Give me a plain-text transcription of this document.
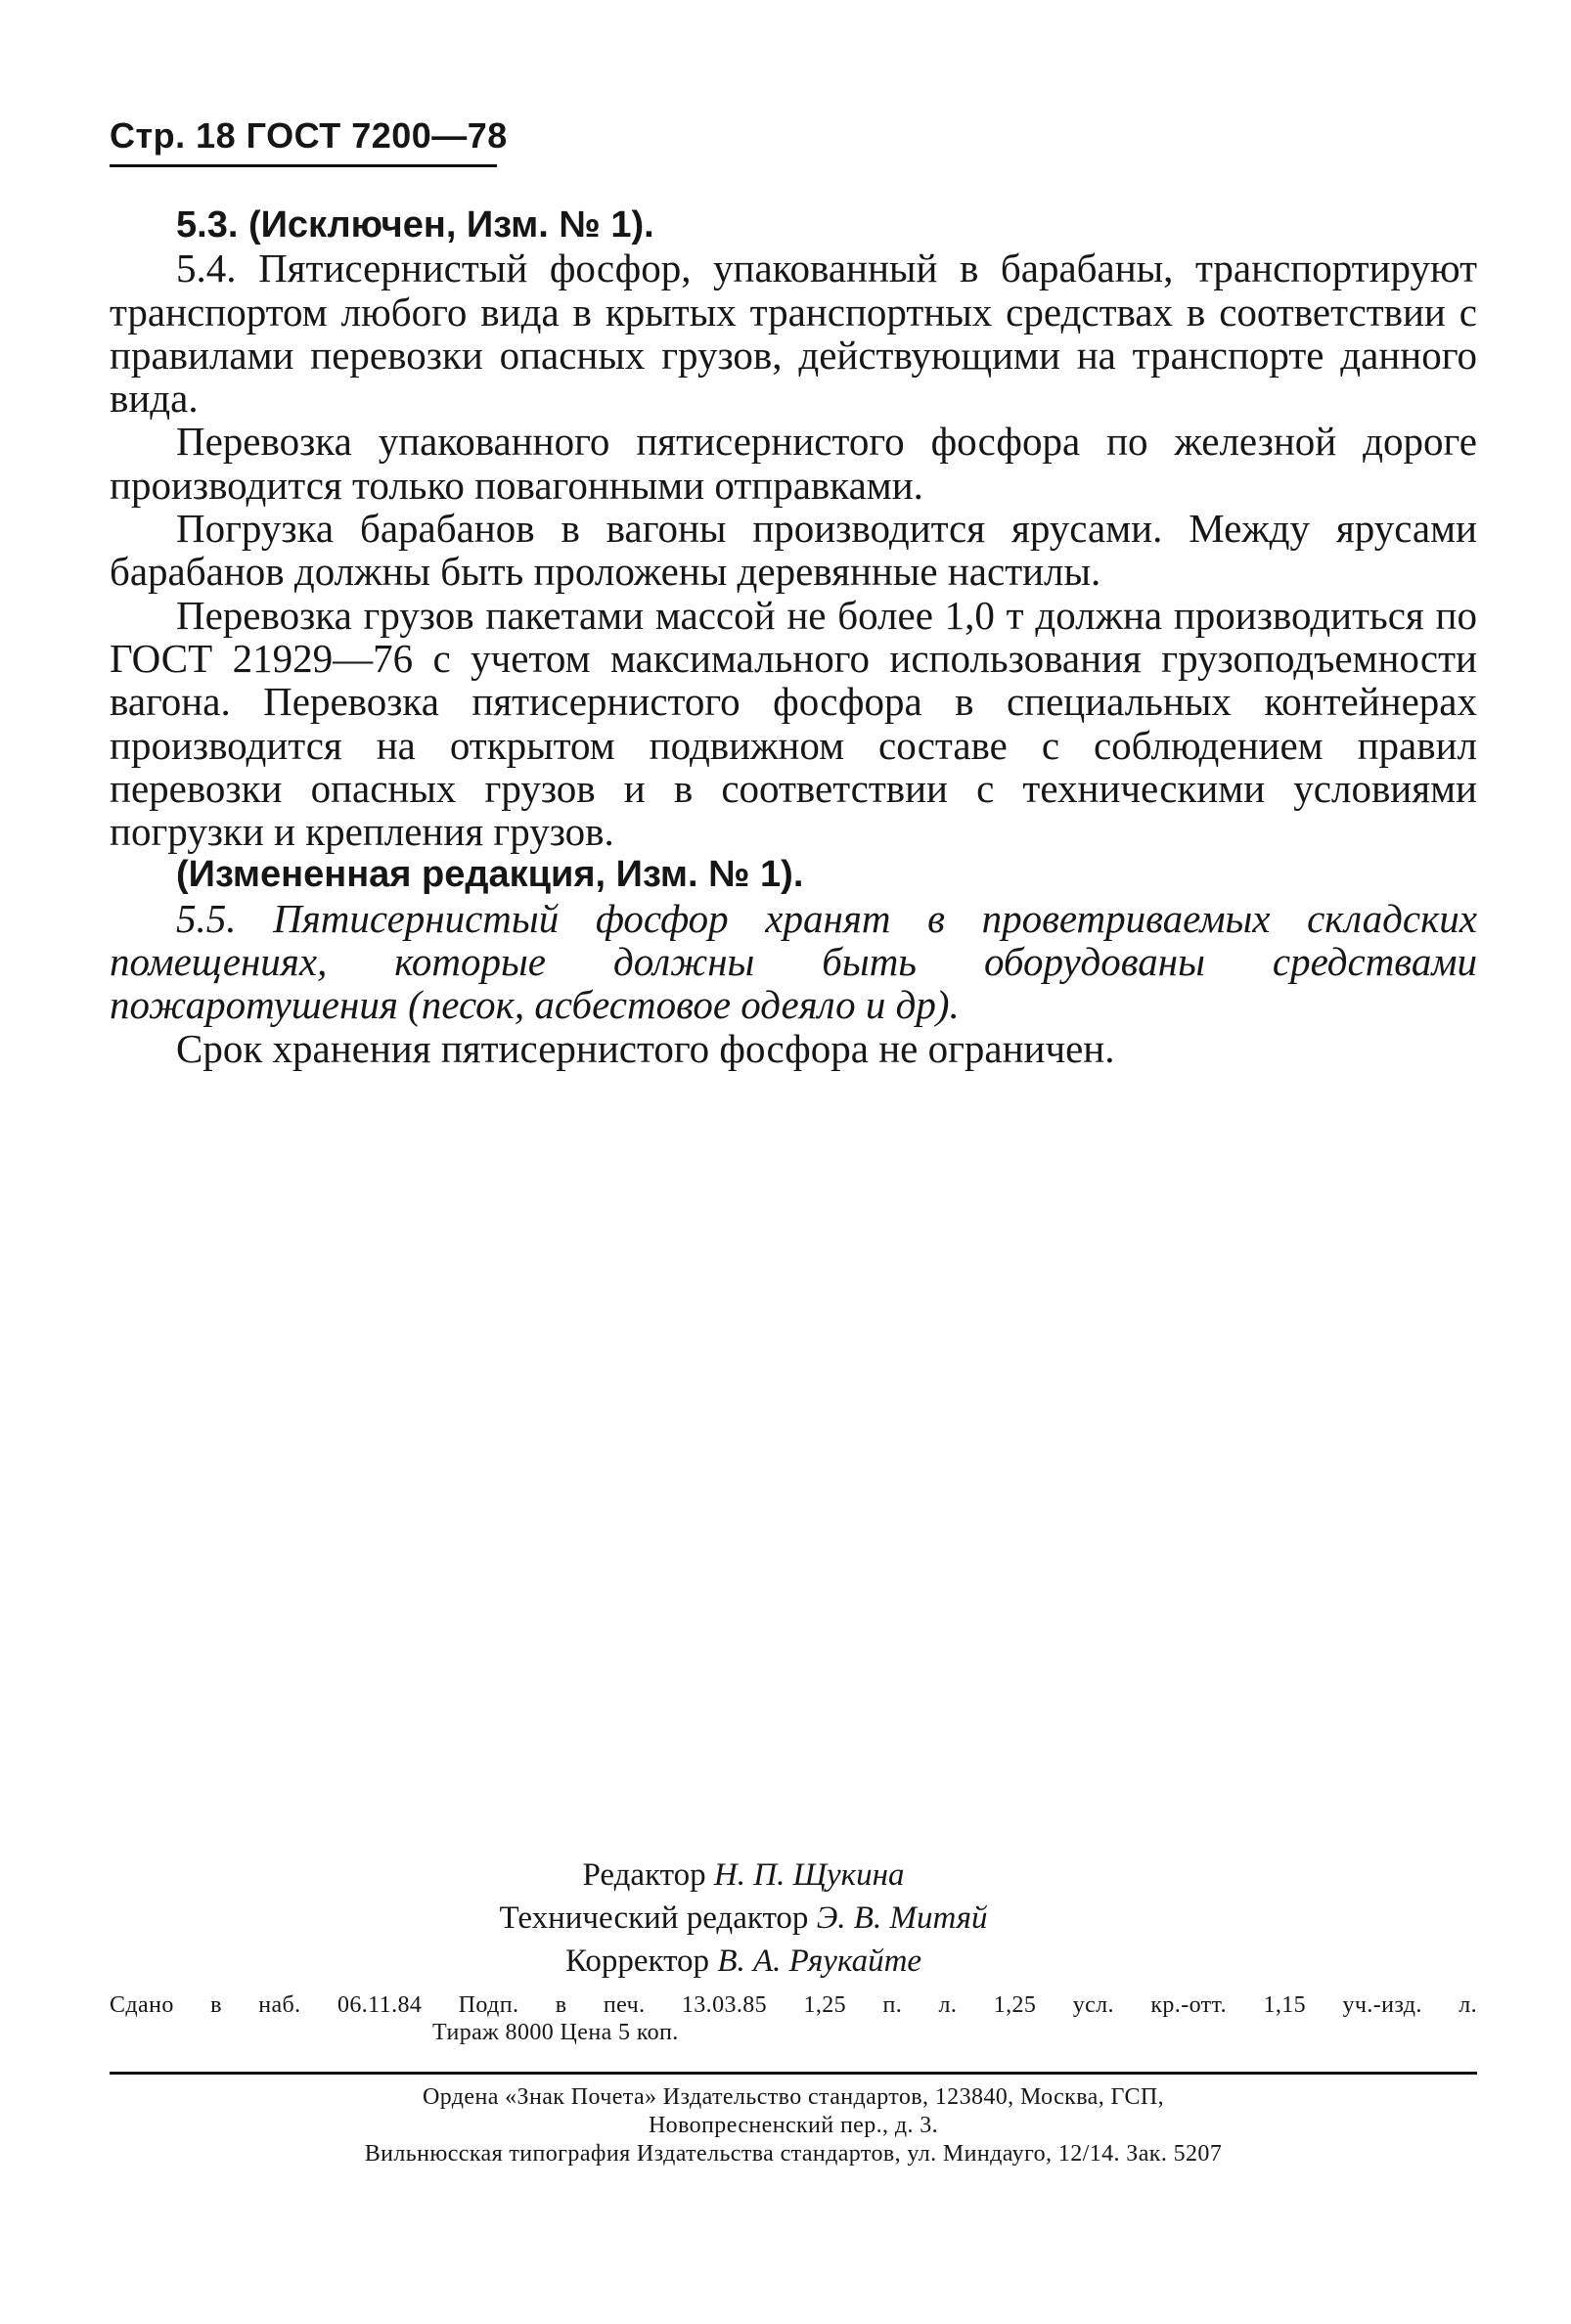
Стр. 18 ГОСТ 7200—78

5.3. (Исключен, Изм. № 1).

5.4. Пятисернистый фосфор, упакованный в барабаны, транспортируют транспортом любого вида в крытых транспортных средствах в соответствии с правилами перевозки опасных грузов, действующими на транспорте данного вида.

Перевозка упакованного пятисернистого фосфора по железной дороге производится только повагонными отправками.

Погрузка барабанов в вагоны производится ярусами. Между ярусами барабанов должны быть проложены деревянные настилы.

Перевозка грузов пакетами массой не более 1,0 т должна производиться по ГОСТ 21929—76 с учетом максимального использования грузоподъемности вагона. Перевозка пятисернистого фосфора в специальных контейнерах производится на открытом подвижном составе с соблюдением правил перевозки опасных грузов и в соответствии с техническими условиями погрузки и крепления грузов.

(Измененная редакция, Изм. № 1).

5.5. Пятисернистый фосфор хранят в проветриваемых складских помещениях, которые должны быть оборудованы средствами пожаротушения (песок, асбестовое одеяло и др).

Срок хранения пятисернистого фосфора не ограничен.

Редактор Н. П. Щукина
Технический редактор Э. В. Митяй
Корректор В. А. Ряукайте
Сдано в наб. 06.11.84 Подп. в печ. 13.03.85 1,25 п. л. 1,25 усл. кр.-отт. 1,15 уч.-изд. л.
Тираж 8000 Цена 5 коп.
Ордена «Знак Почета» Издательство стандартов, 123840, Москва, ГСП,
Новопресненский пер., д. 3.
Вильнюсская типография Издательства стандартов, ул. Миндауго, 12/14. Зак. 5207
